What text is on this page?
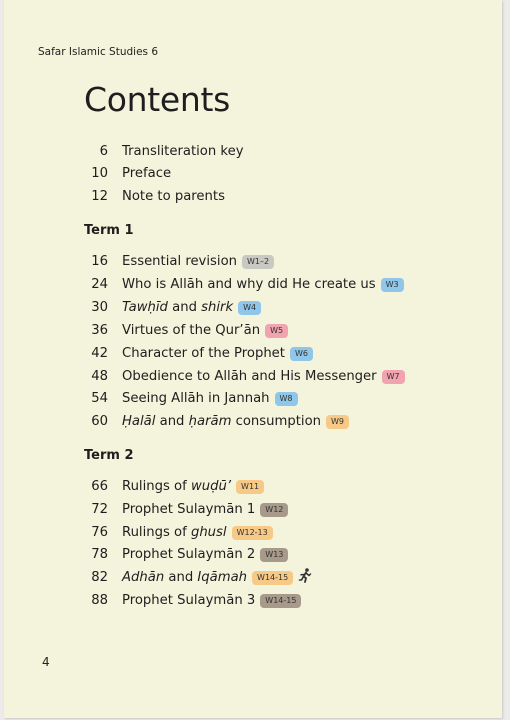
Safar Islamic Studies 6
Contents
6 Transliteration key
10 Preface
12 Note to parents
Term 1
16 Essential revision W1–2
24 Who is Allāh and why did He create us W3
30 Tawḥīd and shirk W4
36 Virtues of the Qur’ān W5
42 Character of the Prophet W6
48 Obedience to Allāh and His Messenger W7
54 Seeing Allāh in Jannah W8
60 Ḥalāl and ḥarām consumption W9
Term 2
66 Rulings of wuḍū’ W11
72 Prophet Sulaymān 1 W12
76 Rulings of ghusl W12-13
78 Prophet Sulaymān 2 W13
82 Adhān and Iqāmah W14-15
88 Prophet Sulaymān 3 W14-15
4
